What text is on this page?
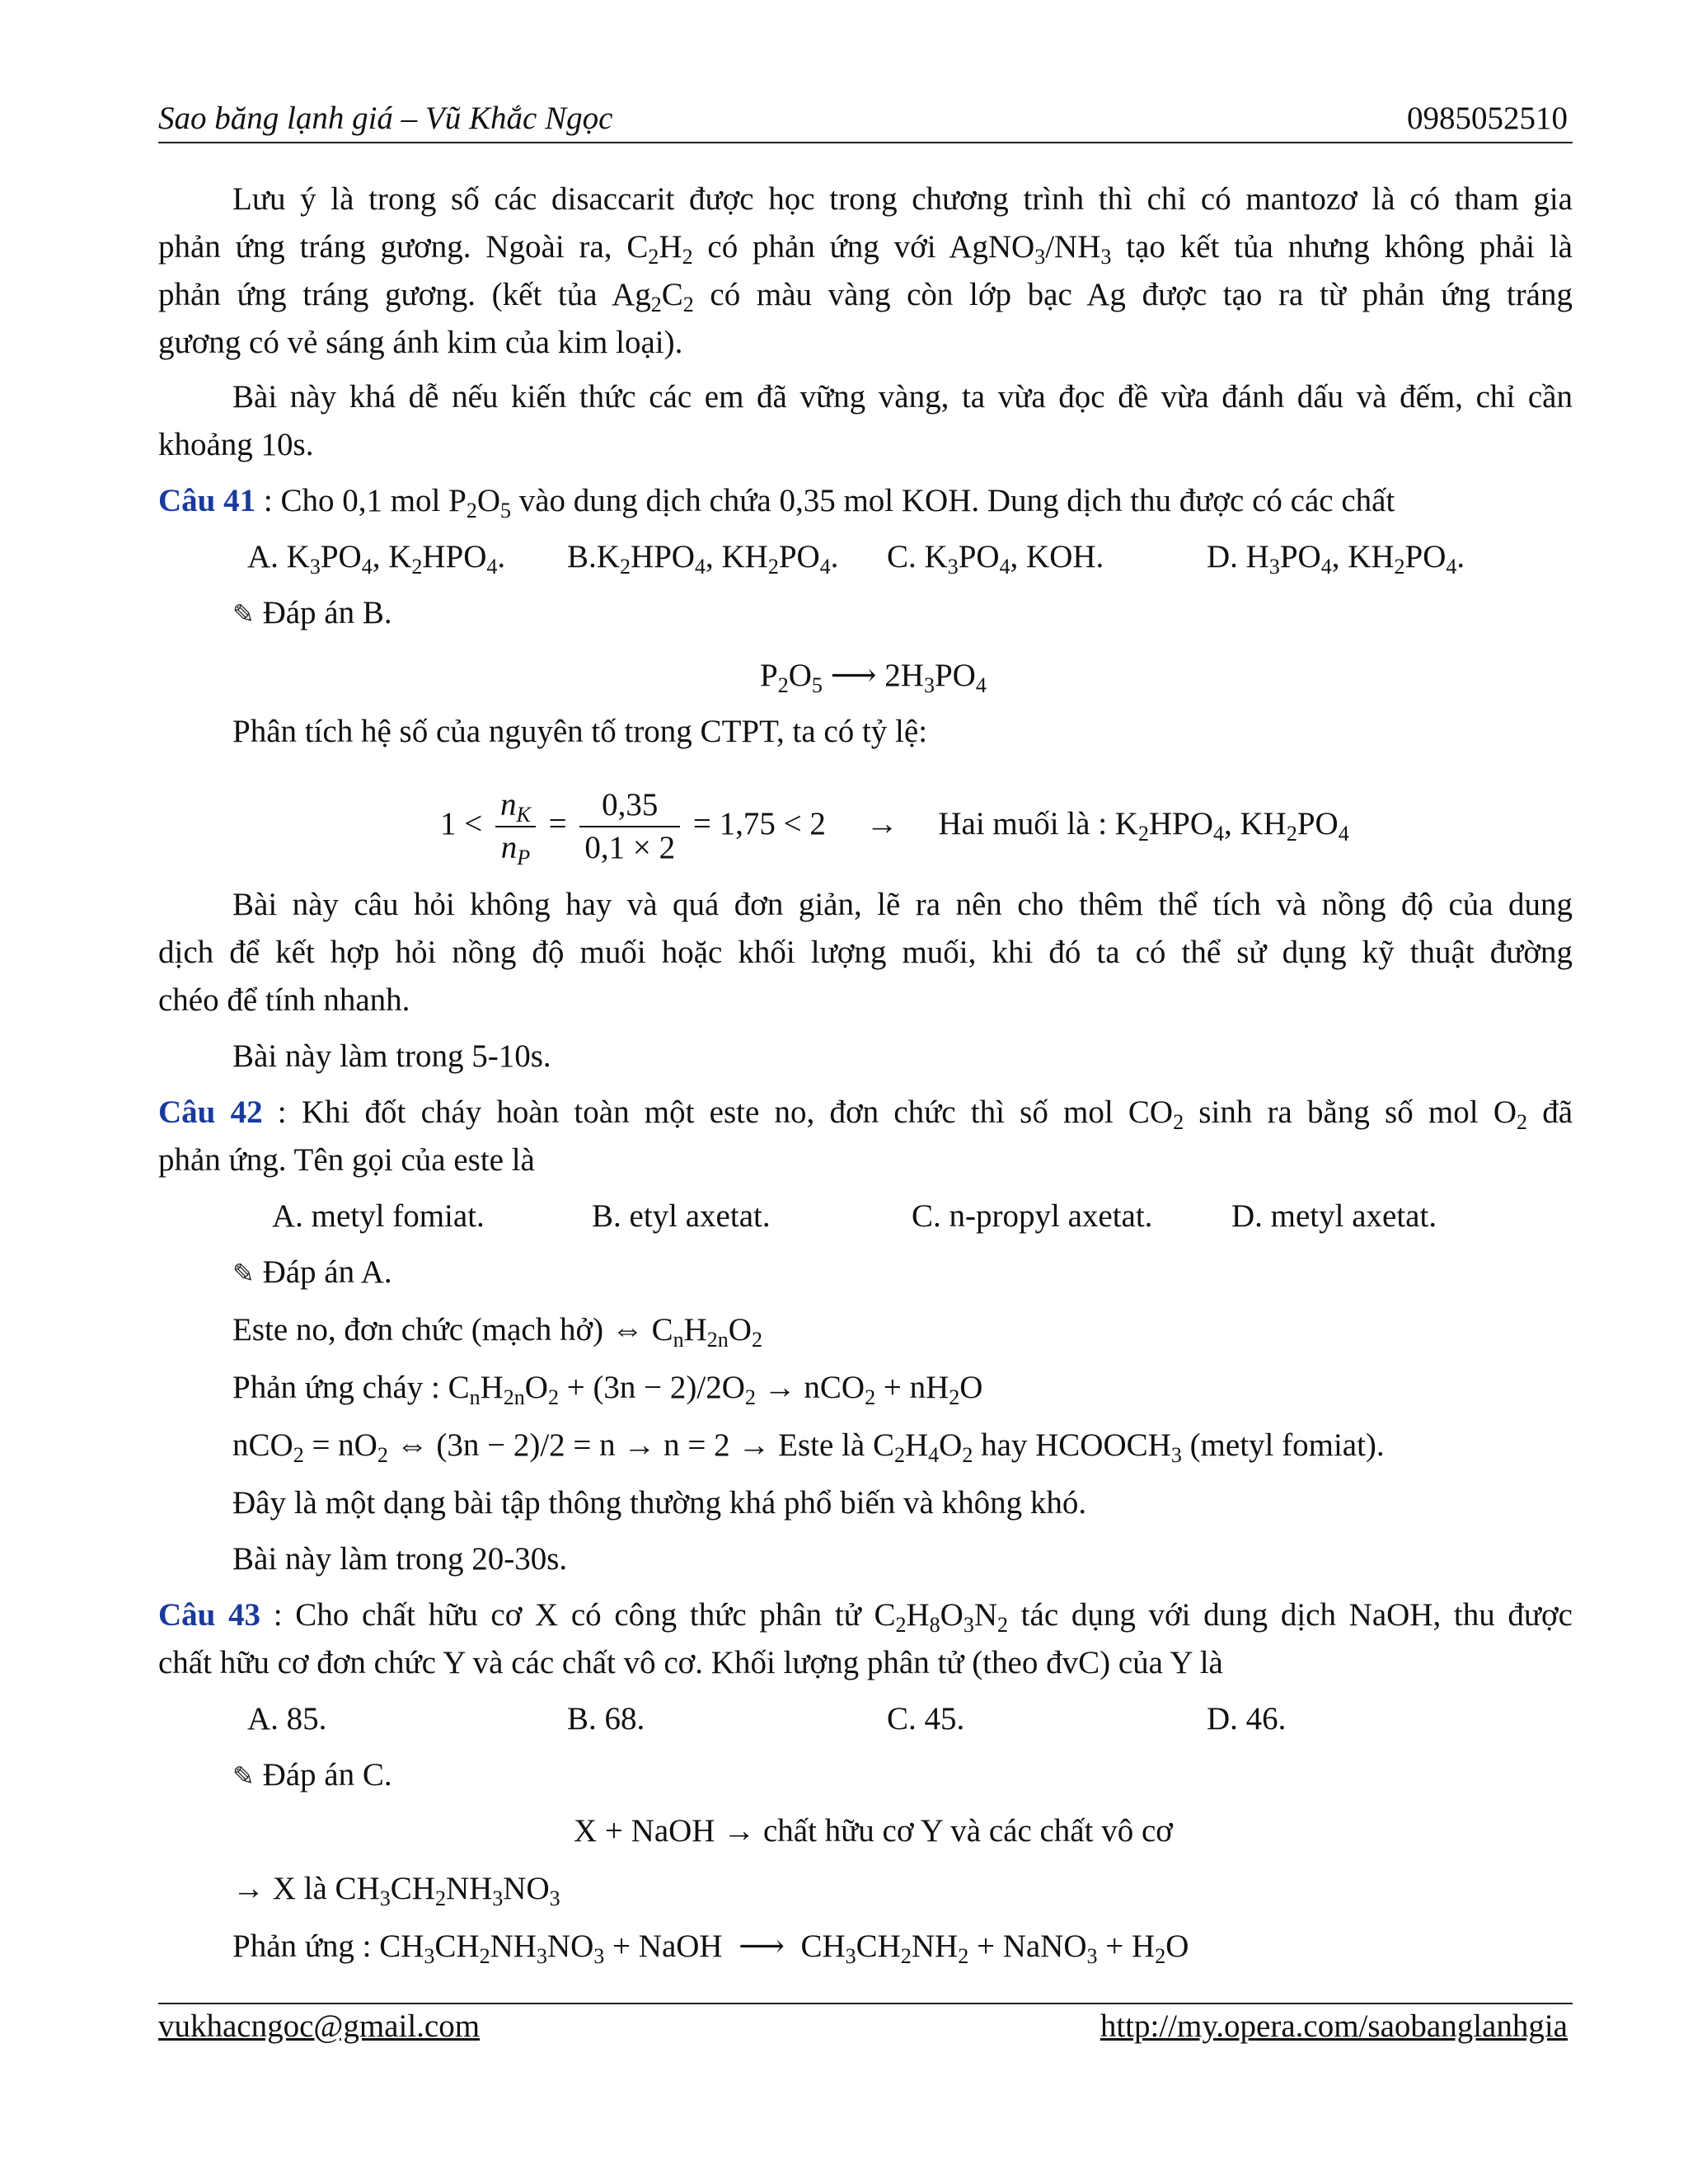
Sao băng lạnh giá – Vũ Khắc Ngọc	0985052510
Lưu ý là trong số các disaccarit được học trong chương trình thì chỉ có mantozơ là có tham gia
phản ứng tráng gương. Ngoài ra, $C_2H_2$ có phản ứng với $AgNO_3/NH_3$ tạo kết tủa nhưng không phải là
phản ứng tráng gương. (kết tủa $Ag_2C_2$ có màu vàng còn lớp bạc Ag được tạo ra từ phản ứng tráng
gương có vẻ sáng ánh kim của kim loại).
Bài này khá dễ nếu kiến thức các em đã vững vàng, ta vừa đọc đề vừa đánh dấu và đếm, chỉ cần
khoảng 10s.
Câu 41 : Cho 0,1 mol $P_2O_5$ vào dung dịch chứa 0,35 mol KOH. Dung dịch thu được có các chất
A. $K_3PO_4$, $K_2HPO_4$. $B.K_2HPO_4$, $KH_2PO_4$. C. $K_3PO_4$, KOH.	D. $H_3PO_4$, $KH_2PO_4$.
✎ Đáp án B.
$P_2O_5$ ⟶ $2H_3PO_4$
Phân tích hệ số của nguyên tố trong CTPT, ta có tỷ lệ:
$1 < \frac{n_K}{n_P} = \frac{0,35}{0,1 \times 2} = 1,75 < 2$ → Hai muối là : $K_2HPO_4$, $KH_2PO_4$
Bài này câu hỏi không hay và quá đơn giản, lẽ ra nên cho thêm thể tích và nồng độ của dung
dịch để kết hợp hỏi nồng độ muối hoặc khối lượng muối, khi đó ta có thể sử dụng kỹ thuật đường
chéo để tính nhanh.
Bài này làm trong 5-10s.
Câu 42 : Khi đốt cháy hoàn toàn một este no, đơn chức thì số mol $CO_2$ sinh ra bằng số mol $O_2$ đã
phản ứng. Tên gọi của este là
A. metyl fomiat.	B. etyl axetat.	C. n-propyl axetat. D. metyl axetat.
✎ Đáp án A.
Este no, đơn chức (mạch hở) ⇔ $C_nH_{2n}O_2$
Phản ứng cháy : $C_nH_{2n}O_2 + (3n - 2)/2O_2 \to nCO_2 + nH_2O$
$nCO_2 = nO_2$ ⇔ (3n − 2)/2 = n → n = 2 → Este là $C_2H_4O_2$ hay $HCOOCH_3$ (metyl fomiat).
Đây là một dạng bài tập thông thường khá phổ biến và không khó.
Bài này làm trong 20-30s.
Câu 43 : Cho chất hữu cơ X có công thức phân tử $C_2H_8O_3N_2$ tác dụng với dung dịch NaOH, thu được
chất hữu cơ đơn chức Y và các chất vô cơ. Khối lượng phân tử (theo đvC) của Y là
A. 85.	B. 68.	C. 45.	D. 46.
✎ Đáp án C.
X + NaOH → chất hữu cơ Y và các chất vô cơ
→ X là $CH_3CH_2NH_3NO_3$
Phản ứng : $CH_3CH_2NH_3NO_3$ + NaOH  ⟶  $CH_3CH_2NH_2$ + NaNO$_3$ + $H_2O$
vukhacngoc@gmail.com	http://my.opera.com/saobanglanhgia
